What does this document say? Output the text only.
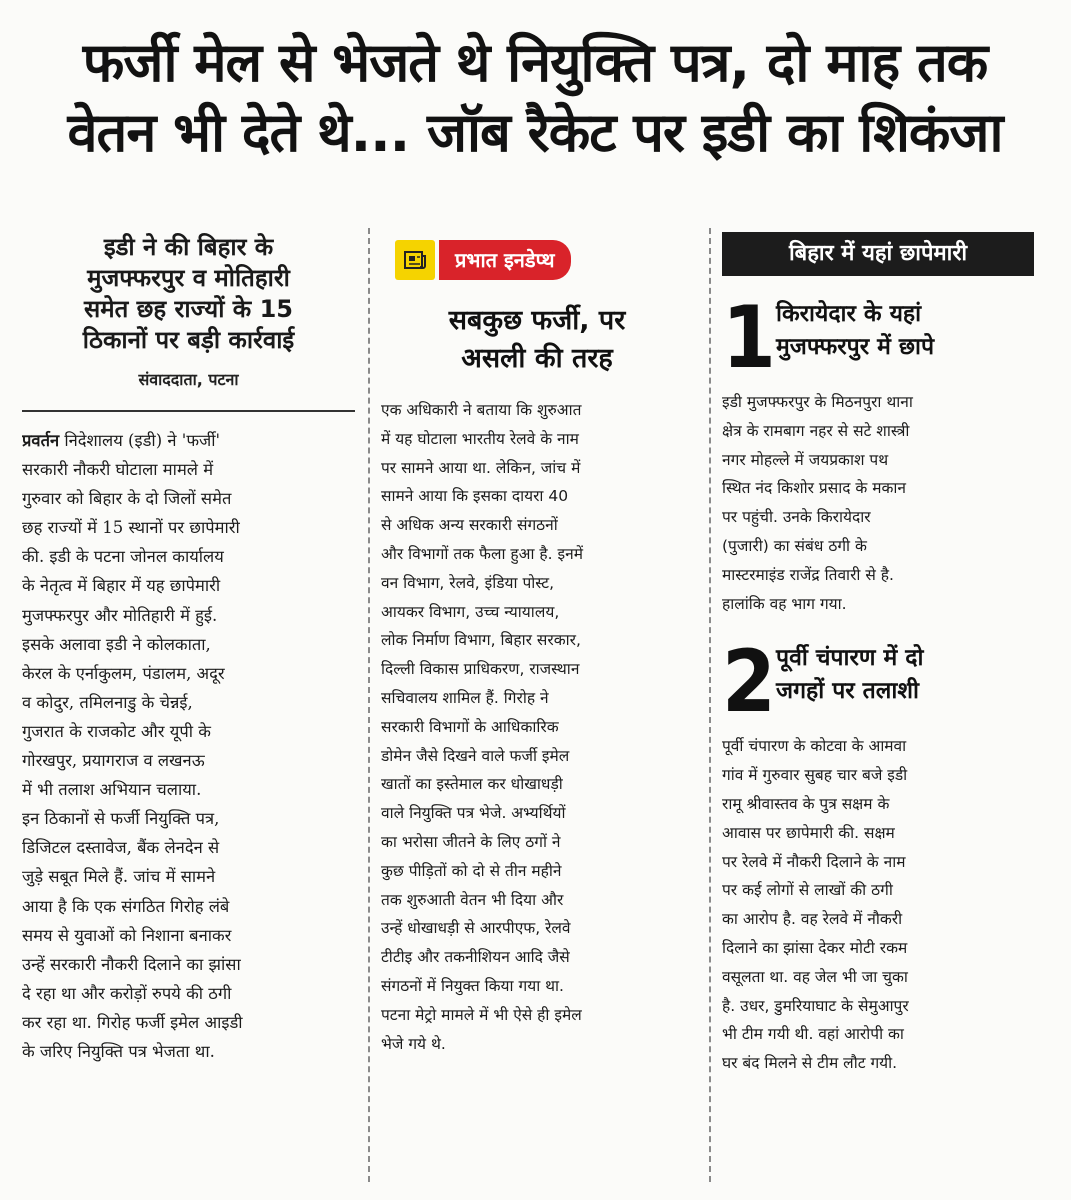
फर्जी मेल से भेजते थे नियुक्ति पत्र, दो माह तक
वेतन भी देते थे... जॉब रैकेट पर इडी का शिकंजा
इडी ने की बिहार के
मुजफ्फरपुर व मोतिहारी
समेत छह राज्यों के 15
ठिकानों पर बड़ी कार्रवाई
संवाददाता, पटना
प्रवर्तन निदेशालय (इडी) ने 'फर्जी'
सरकारी नौकरी घोटाला मामले में
गुरुवार को बिहार के दो जिलों समेत
छह राज्यों में 15 स्थानों पर छापेमारी
की. इडी के पटना जोनल कार्यालय
के नेतृत्व में बिहार में यह छापेमारी
मुजफ्फरपुर और मोतिहारी में हुई.
इसके अलावा इडी ने कोलकाता,
केरल के एर्नाकुलम, पंडालम, अदूर
व कोदुर, तमिलनाडु के चेन्नई,
गुजरात के राजकोट और यूपी के
गोरखपुर, प्रयागराज व लखनऊ
में भी तलाश अभियान चलाया.
इन ठिकानों से फर्जी नियुक्ति पत्र,
डिजिटल दस्तावेज, बैंक लेनदेन से
जुड़े सबूत मिले हैं. जांच में सामने
आया है कि एक संगठित गिरोह लंबे
समय से युवाओं को निशाना बनाकर
उन्हें सरकारी नौकरी दिलाने का झांसा
दे रहा था और करोड़ों रुपये की ठगी
कर रहा था. गिरोह फर्जी इमेल आइडी
के जरिए नियुक्ति पत्र भेजता था.
प्रभात इनडेप्थ
सबकुछ फर्जी, पर
असली की तरह
एक अधिकारी ने बताया कि शुरुआत
में यह घोटाला भारतीय रेलवे के नाम
पर सामने आया था. लेकिन, जांच में
सामने आया कि इसका दायरा 40
से अधिक अन्य सरकारी संगठनों
और विभागों तक फैला हुआ है. इनमें
वन विभाग, रेलवे, इंडिया पोस्ट,
आयकर विभाग, उच्च न्यायालय,
लोक निर्माण विभाग, बिहार सरकार,
दिल्ली विकास प्राधिकरण, राजस्थान
सचिवालय शामिल हैं. गिरोह ने
सरकारी विभागों के आधिकारिक
डोमेन जैसे दिखने वाले फर्जी इमेल
खातों का इस्तेमाल कर धोखाधड़ी
वाले नियुक्ति पत्र भेजे. अभ्यर्थियों
का भरोसा जीतने के लिए ठगों ने
कुछ पीड़ितों को दो से तीन महीने
तक शुरुआती वेतन भी दिया और
उन्हें धोखाधड़ी से आरपीएफ, रेलवे
टीटीइ और तकनीशियन आदि जैसे
संगठनों में नियुक्त किया गया था.
पटना मेट्रो मामले में भी ऐसे ही इमेल
भेजे गये थे.
बिहार में यहां छापेमारी
1 किरायेदार के यहां
मुजफ्फरपुर में छापे
इडी मुजफ्फरपुर के मिठनपुरा थाना
क्षेत्र के रामबाग नहर से सटे शास्त्री
नगर मोहल्ले में जयप्रकाश पथ
स्थित नंद किशोर प्रसाद के मकान
पर पहुंची. उनके किरायेदार
(पुजारी) का संबंध ठगी के
मास्टरमाइंड राजेंद्र तिवारी से है.
हालांकि वह भाग गया.
2 पूर्वी चंपारण में दो
जगहों पर तलाशी
पूर्वी चंपारण के कोटवा के आमवा
गांव में गुरुवार सुबह चार बजे इडी
रामू श्रीवास्तव के पुत्र सक्षम के
आवास पर छापेमारी की. सक्षम
पर रेलवे में नौकरी दिलाने के नाम
पर कई लोगों से लाखों की ठगी
का आरोप है. वह रेलवे में नौकरी
दिलाने का झांसा देकर मोटी रकम
वसूलता था. वह जेल भी जा चुका
है. उधर, डुमरियाघाट के सेमुआपुर
भी टीम गयी थी. वहां आरोपी का
घर बंद मिलने से टीम लौट गयी.
